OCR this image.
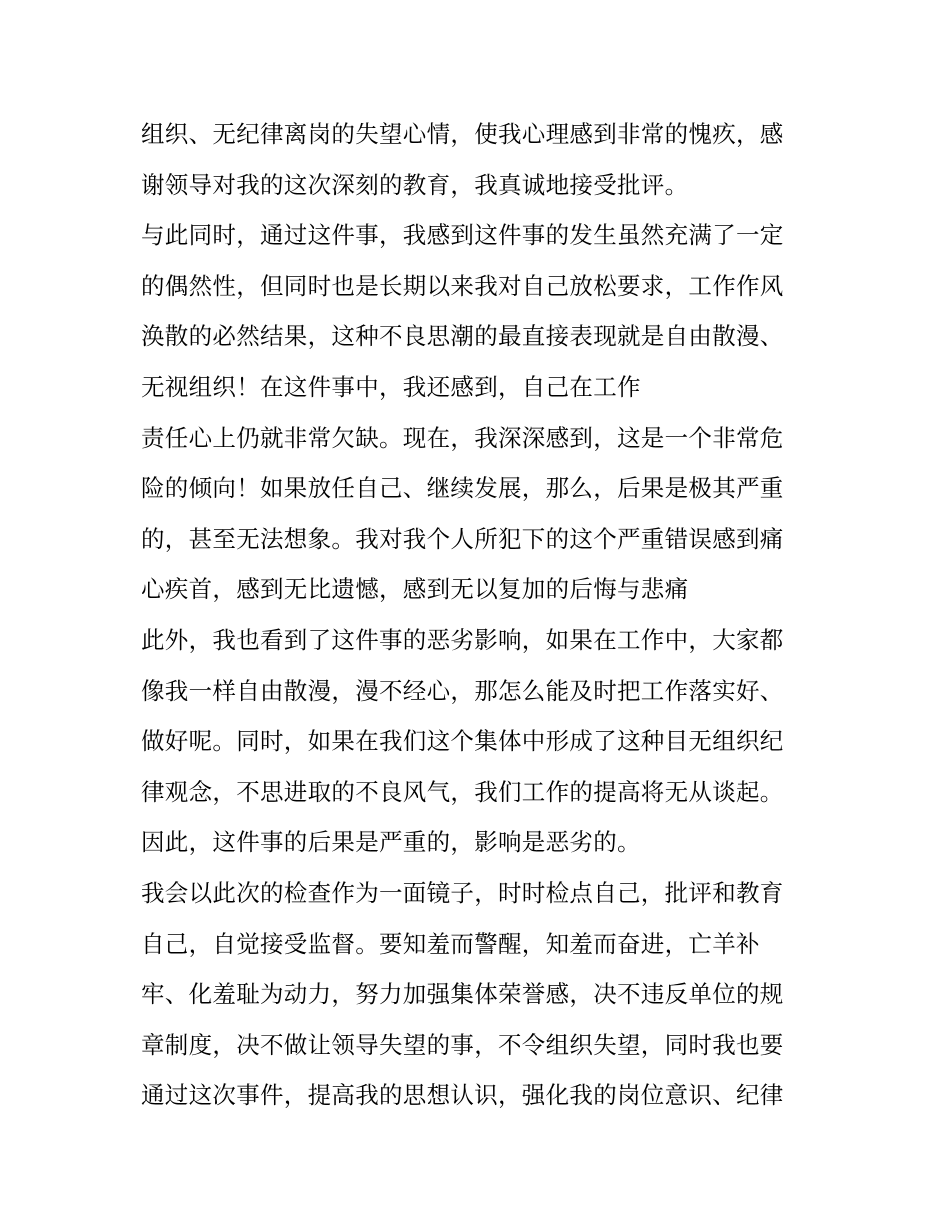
组织、无纪律离岗的失望心情，使我心理感到非常的愧疚，感
谢领导对我的这次深刻的教育，我真诚地接受批评。
与此同时，通过这件事，我感到这件事的发生虽然充满了一定
的偶然性，但同时也是长期以来我对自己放松要求，工作作风
涣散的必然结果，这种不良思潮的最直接表现就是自由散漫、
无视组织！在这件事中，我还感到，自己在工作
责任心上仍就非常欠缺。现在，我深深感到，这是一个非常危
险的倾向！如果放任自己、继续发展，那么，后果是极其严重
的，甚至无法想象。我对我个人所犯下的这个严重错误感到痛
心疾首，感到无比遗憾，感到无以复加的后悔与悲痛
此外，我也看到了这件事的恶劣影响，如果在工作中，大家都
像我一样自由散漫，漫不经心，那怎么能及时把工作落实好、
做好呢。同时，如果在我们这个集体中形成了这种目无组织纪
律观念，不思进取的不良风气，我们工作的提高将无从谈起。
因此，这件事的后果是严重的，影响是恶劣的。
我会以此次的检查作为一面镜子，时时检点自己，批评和教育
自己，自觉接受监督。要知羞而警醒，知羞而奋进，亡羊补
牢、化羞耻为动力，努力加强集体荣誉感，决不违反单位的规
章制度，决不做让领导失望的事，不令组织失望，同时我也要
通过这次事件，提高我的思想认识，强化我的岗位意识、纪律
